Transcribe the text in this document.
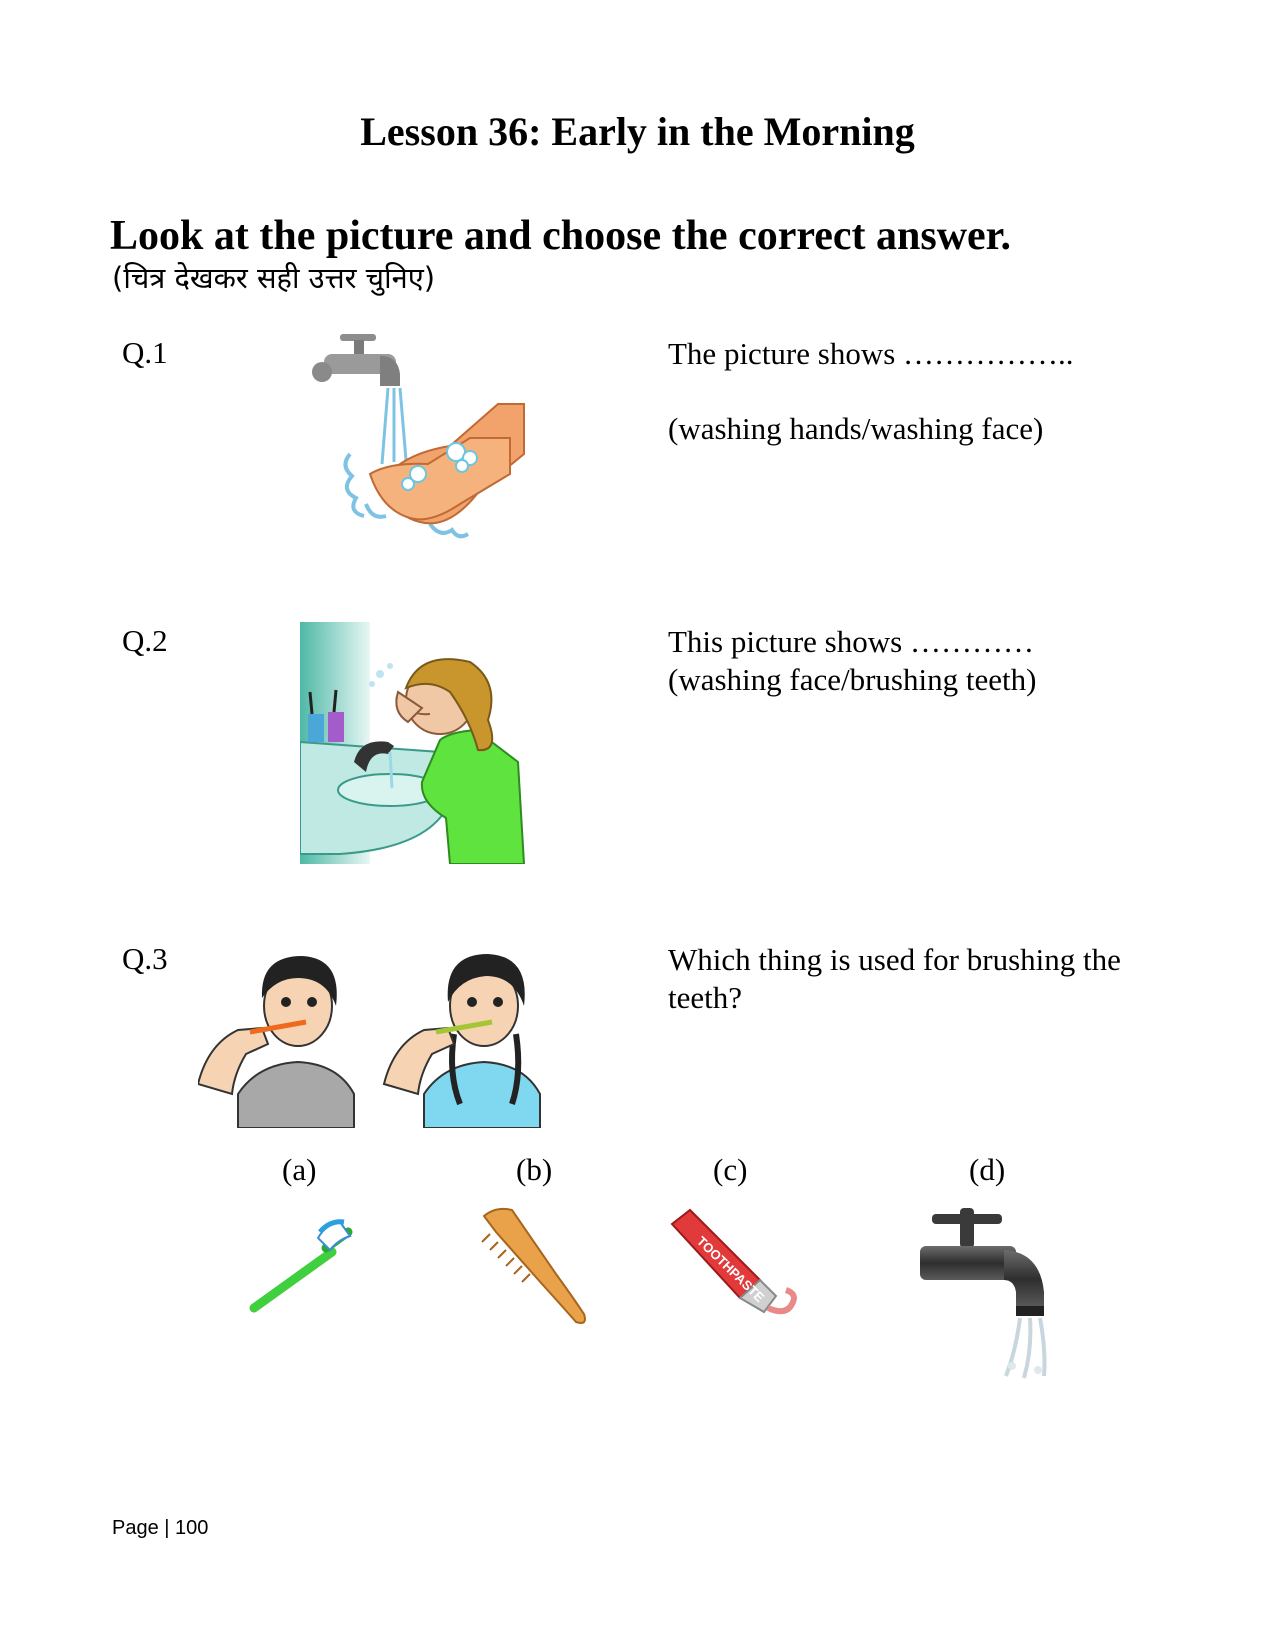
Lesson 36: Early in the Morning
Look at the picture and choose the correct answer.
(चित्र देखकर सही उत्तर चुनिए)
Q.1	The picture shows ……………..
(washing hands/washing face)
Q.2	This picture shows …………
(washing face/brushing teeth)
Q.3	Which thing is used for brushing the teeth?
(a)	(b)	(c)	(d)
TOOTHPASTE
Page | 100
